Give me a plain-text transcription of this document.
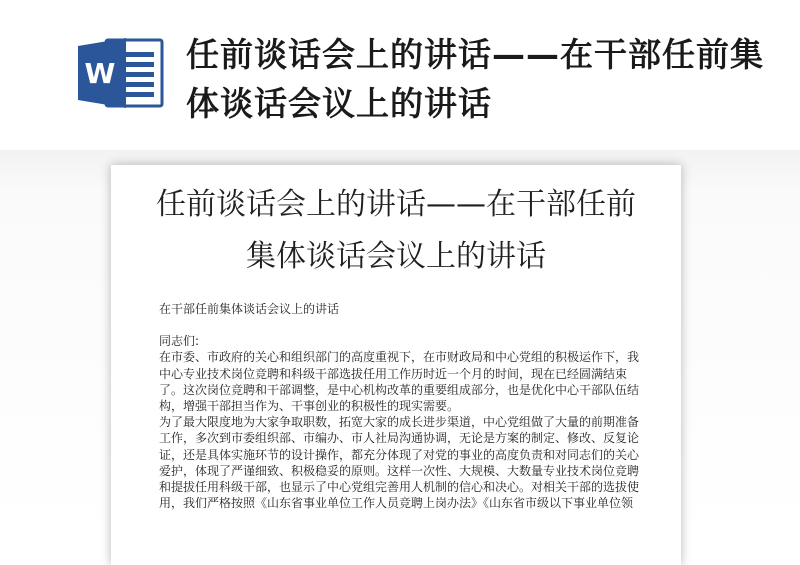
W 任前谈话会上的讲话——在干部任前集体谈话会议上的讲话
任前谈话会上的讲话——在干部任前集体谈话会议上的讲话

在干部任前集体谈话会议上的讲话

同志们:

在市委、市政府的关心和组织部门的高度重视下，在市财政局和中心党组的积极运作下，我中心专业技术岗位竞聘和科级干部选拔任用工作历时近一个月的时间，现在已经圆满结束了。这次岗位竞聘和干部调整，是中心机构改革的重要组成部分，也是优化中心干部队伍结构，增强干部担当作为、干事创业的积极性的现实需要。

为了最大限度地为大家争取职数，拓宽大家的成长进步渠道，中心党组做了大量的前期准备工作，多次到市委组织部、市编办、市人社局沟通协调，无论是方案的制定、修改、反复论证，还是具体实施环节的设计操作，都充分体现了对党的事业的高度负责和对同志们的关心爱护，体现了严谨细致、积极稳妥的原则。这样一次性、大规模、大数量专业技术岗位竞聘和提拔任用科级干部，也显示了中心党组完善用人机制的信心和决心。对相关干部的选拔使用，我们严格按照《山东省事业单位工作人员竞聘上岗办法》《山东省市级以下事业单位领
